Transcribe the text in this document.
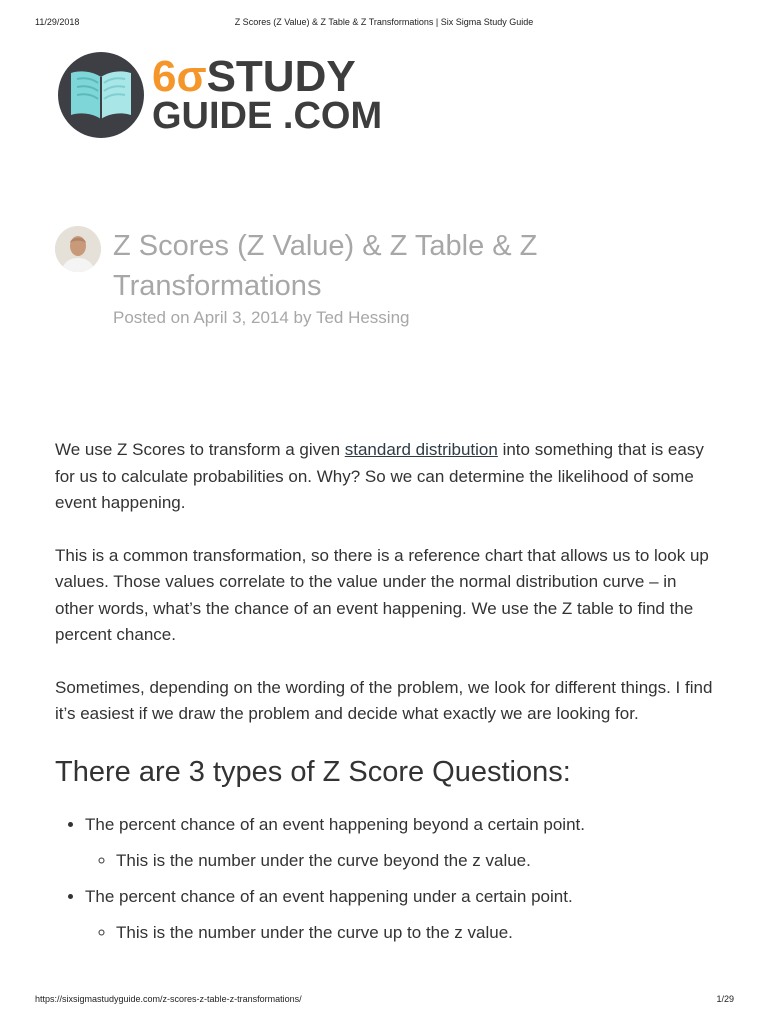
11/29/2018	Z Scores (Z Value) & Z Table & Z Transformations | Six Sigma Study Guide
6σSTUDY
GUIDE .COM
Z Scores (Z Value) & Z Table & Z Transformations
Posted on April 3, 2014 by Ted Hessing

We use Z Scores to transform a given standard distribution into something that is easy for us to calculate probabilities on. Why? So we can determine the likelihood of some event happening.

This is a common transformation, so there is a reference chart that allows us to look up values. Those values correlate to the value under the normal distribution curve – in other words, what’s the chance of an event happening. We use the Z table to find the percent chance.

Sometimes, depending on the wording of the problem, we look for different things. I find it’s easiest if we draw the problem and decide what exactly we are looking for.

There are 3 types of Z Score Questions:
• The percent chance of an event happening beyond a certain point.
◦ This is the number under the curve beyond the z value.
• The percent chance of an event happening under a certain point.
◦ This is the number under the curve up to the z value.
https://sixsigmastudyguide.com/z-scores-z-table-z-transformations/	1/29
